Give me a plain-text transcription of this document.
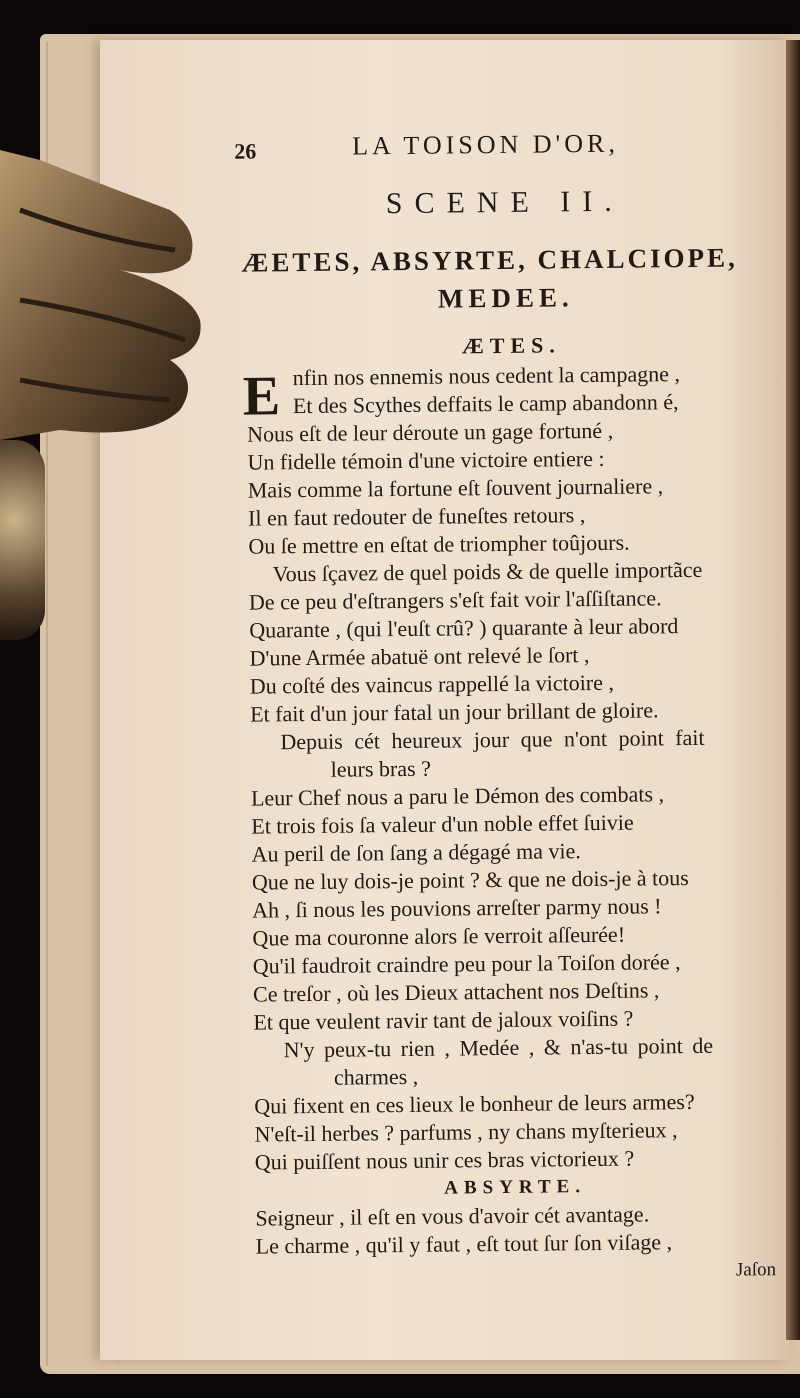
26	LA TOISON D'OR,
SCENE II.
ÆETES, ABSYRTE, CHALCIOPE,
MEDEE.
ÆTES.
E nfin nos ennemis nous cedent la campagne ,
Et des Scythes deffaits le camp abandonn é,
Nous eſt de leur déroute un gage fortuné ,
Un fidelle témoin d'une victoire entiere :
Mais comme la fortune eſt ſouvent journaliere ,
Il en faut redouter de funeſtes retours ,
Ou ſe mettre en eſtat de triompher toûjours.
Vous ſçavez de quel poids & de quelle importãce
De ce peu d'eſtrangers s'eſt fait voir l'aſſiſtance.
Quarante , (qui l'euſt crû? ) quarante à leur abord
D'une Armée abatuë ont relevé le ſort ,
Du coſté des vaincus rappellé la victoire ,
Et fait d'un jour fatal un jour brillant de gloire.
Depuis cét heureux jour que n'ont point fait
leurs bras ?
Leur Chef nous a paru le Démon des combats ,
Et trois fois ſa valeur d'un noble effet ſuivie
Au peril de ſon ſang a dégagé ma vie.
Que ne luy dois-je point ? & que ne dois-je à tous
Ah , ſi nous les pouvions arreſter parmy nous !
Que ma couronne alors ſe verroit aſſeurée!
Qu'il faudroit craindre peu pour la Toiſon dorée ,
Ce treſor , où les Dieux attachent nos Deſtins ,
Et que veulent ravir tant de jaloux voiſins ?
N'y peux-tu rien , Medée , & n'as-tu point de
charmes ,
Qui fixent en ces lieux le bonheur de leurs armes?
N'eſt-il herbes ? parfums , ny chans myſterieux ,
Qui puiſſent nous unir ces bras victorieux ?
ABSYRTE.
Seigneur , il eſt en vous d'avoir cét avantage.
Le charme , qu'il y faut , eſt tout ſur ſon viſage ,
Jaſon
